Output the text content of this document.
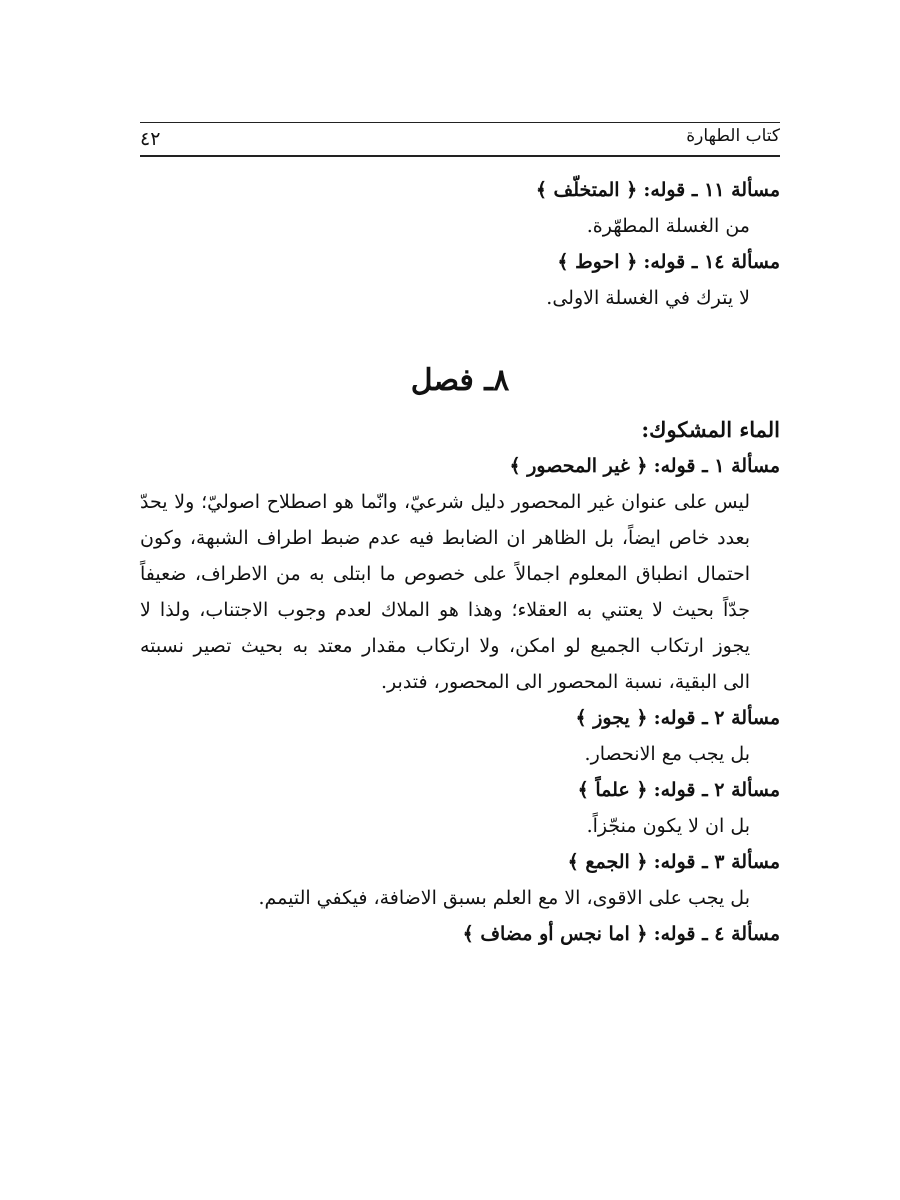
كتاب الطهارة
٤٢
مسألة ١١ ـ قوله: ﴿ المتخلّف ﴾
من الغسلة المطهّرة.
مسألة ١٤ ـ قوله: ﴿ احوط ﴾
لا يترك في الغسلة الاولى.
٨ـ فصل
الماء المشكوك:
مسألة ١ ـ قوله: ﴿ غير المحصور ﴾
ليس على عنوان غير المحصور دليل شرعيّ، وانّما هو اصطلاح اصوليّ؛ ولا يحدّ
بعدد خاص ايضاً، بل الظاهر ان الضابط فيه عدم ضبط اطراف الشبهة، وكون
احتمال انطباق المعلوم اجمالاً على خصوص ما ابتلى به من الاطراف، ضعيفاً
جدّاً بحيث لا يعتني به العقلاء؛ وهذا هو الملاك لعدم وجوب الاجتناب، ولذا لا
يجوز ارتكاب الجميع لو امكن، ولا ارتكاب مقدار معتد به بحيث تصير نسبته
الى البقية، نسبة المحصور الى المحصور، فتدبر.
مسألة ٢ ـ قوله: ﴿ يجوز ﴾
بل يجب مع الانحصار.
مسألة ٢ ـ قوله: ﴿ علماً ﴾
بل ان لا يكون منجّزاً.
مسألة ٣ ـ قوله: ﴿ الجمع ﴾
بل يجب على الاقوى، الا مع العلم بسبق الاضافة، فيكفي التيمم.
مسألة ٤ ـ قوله: ﴿ اما نجس أو مضاف ﴾
